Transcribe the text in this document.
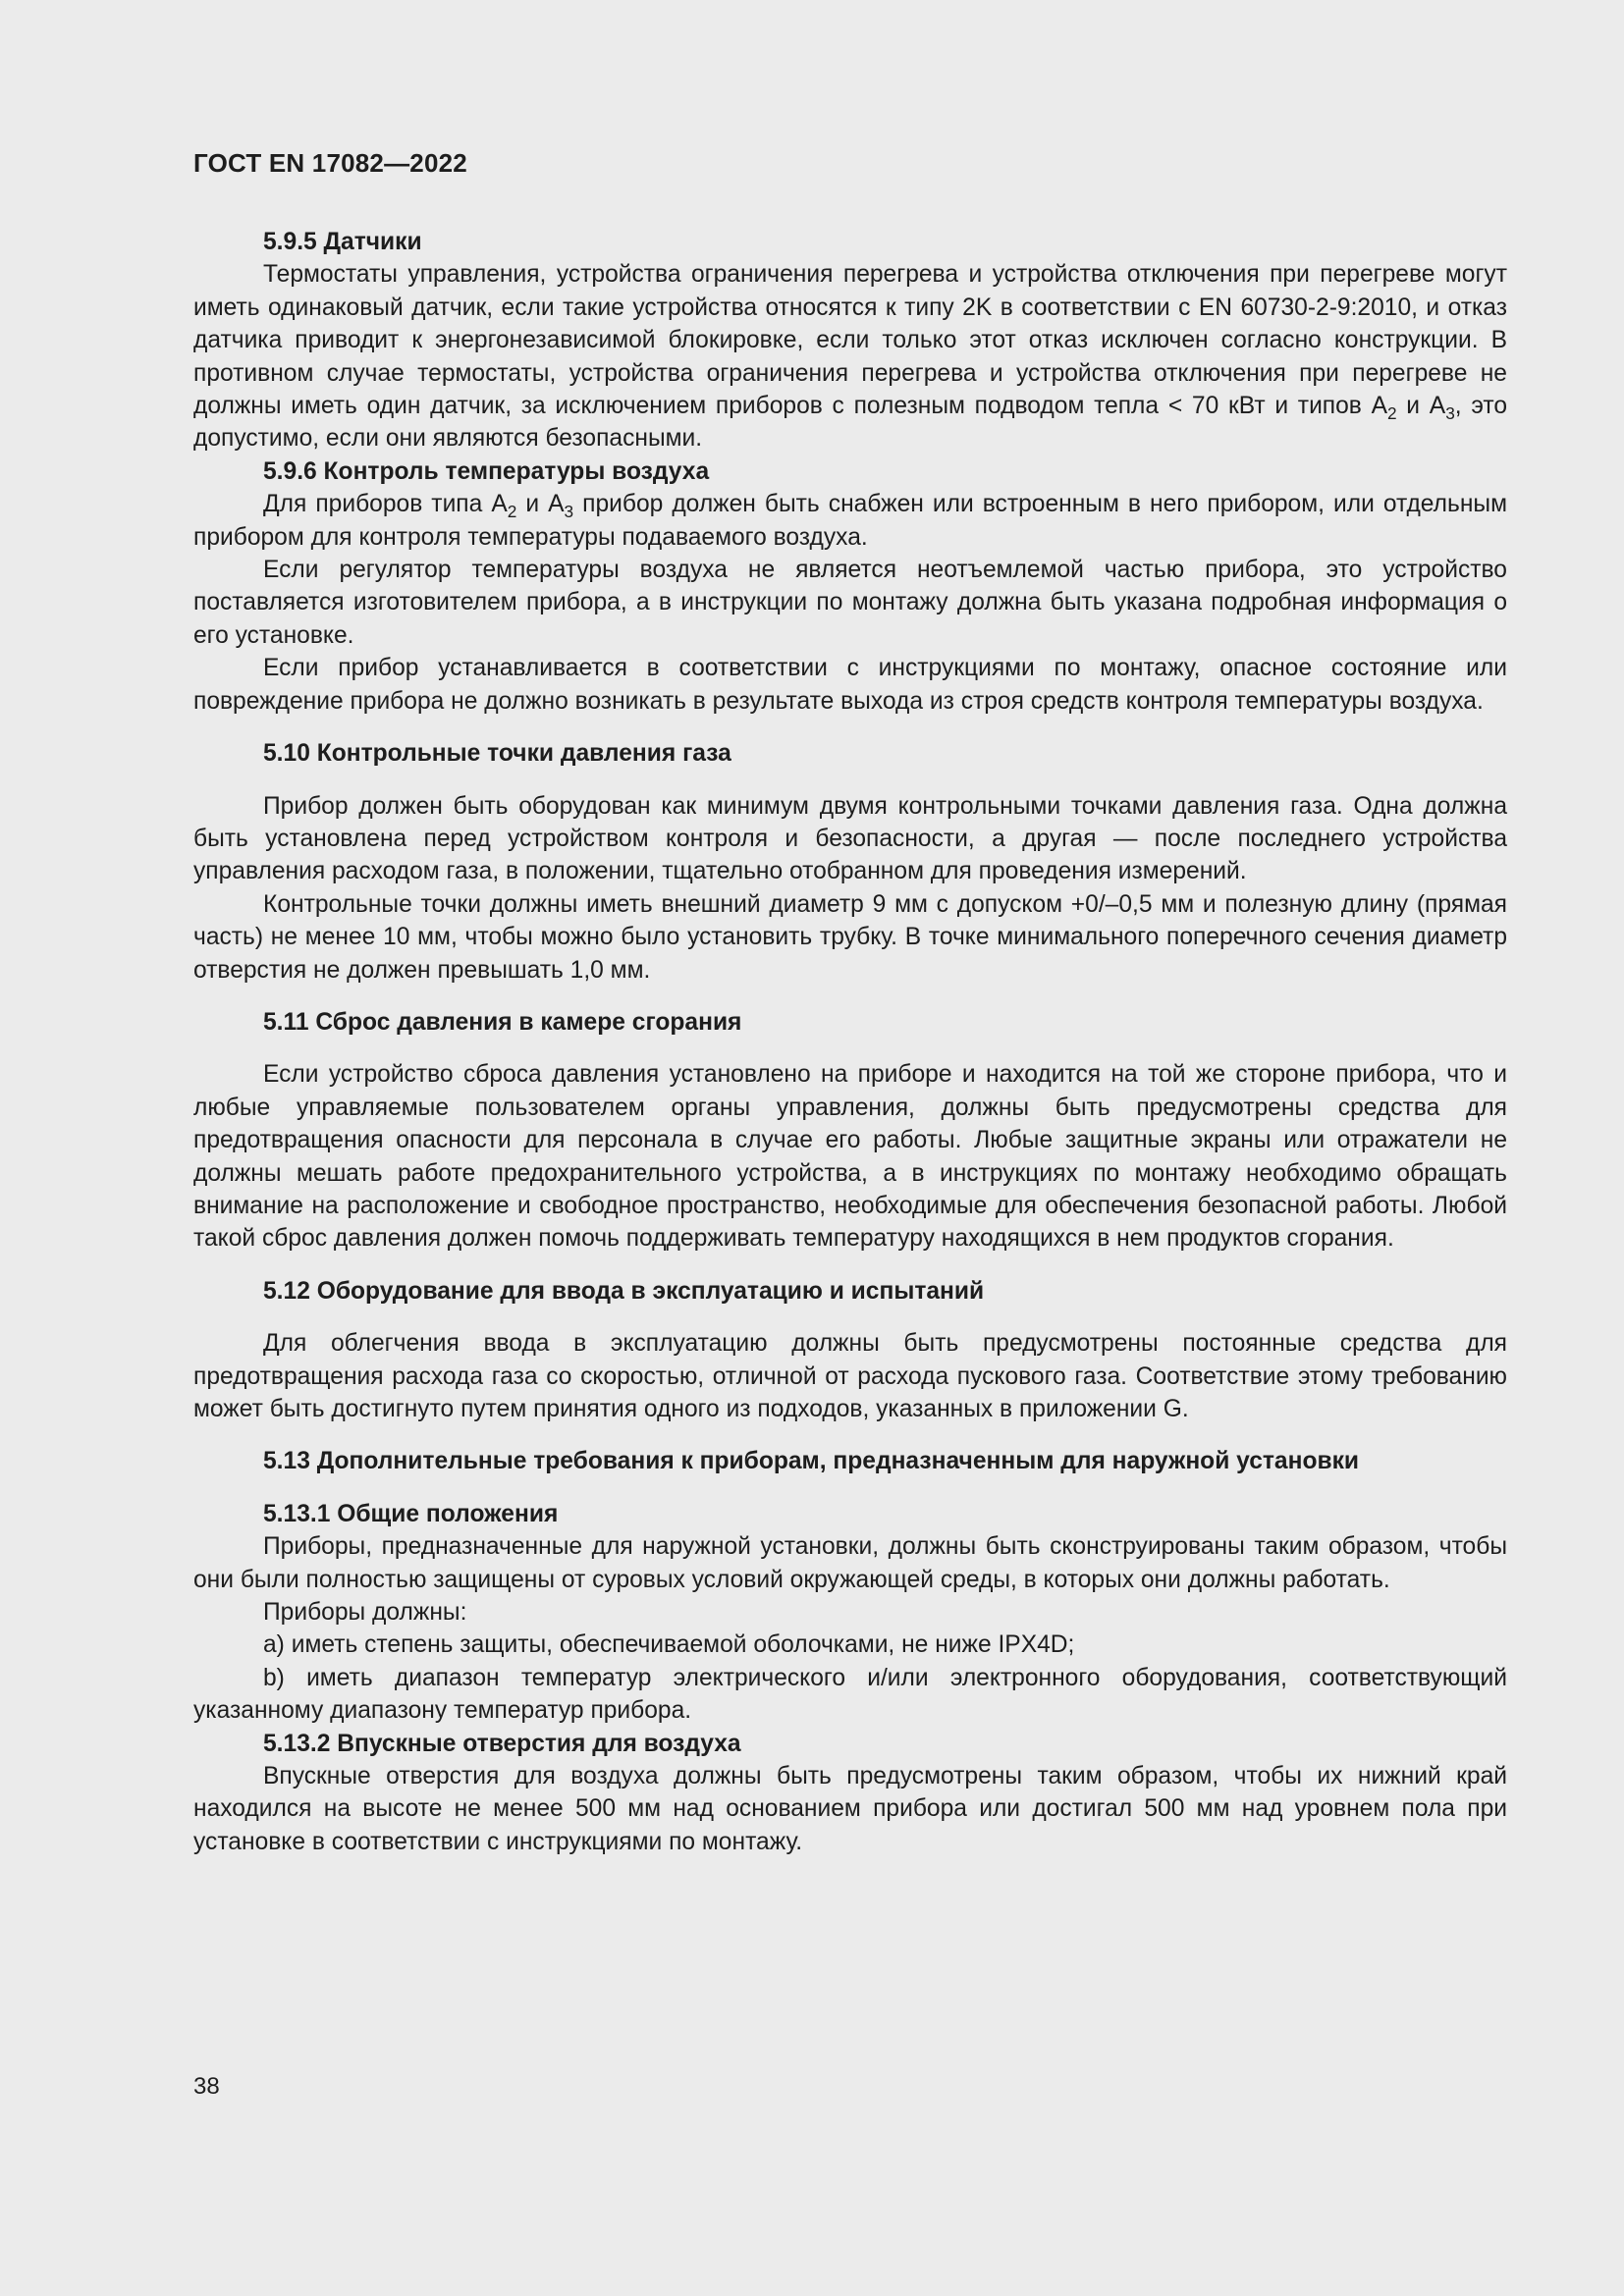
ГОСТ EN 17082—2022
5.9.5 Датчики

Термостаты управления, устройства ограничения перегрева и устройства отключения при перегреве могут иметь одинаковый датчик, если такие устройства относятся к типу 2K в соответствии с EN 60730-2-9:2010, и отказ датчика приводит к энергонезависимой блокировке, если только этот отказ исключен согласно конструкции. В противном случае термостаты, устройства ограничения перегрева и устройства отключения при перегреве не должны иметь один датчик, за исключением приборов с полезным подводом тепла < 70 кВт и типов $A_2$ и $A_3$, это допустимо, если они являются безопасными.

5.9.6 Контроль температуры воздуха

Для приборов типа $A_2$ и $A_3$ прибор должен быть снабжен или встроенным в него прибором, или отдельным прибором для контроля температуры подаваемого воздуха.

Если регулятор температуры воздуха не является неотъемлемой частью прибора, это устройство поставляется изготовителем прибора, а в инструкции по монтажу должна быть указана подробная информация о его установке.

Если прибор устанавливается в соответствии с инструкциями по монтажу, опасное состояние или повреждение прибора не должно возникать в результате выхода из строя средств контроля температуры воздуха.

5.10 Контрольные точки давления газа

Прибор должен быть оборудован как минимум двумя контрольными точками давления газа. Одна должна быть установлена перед устройством контроля и безопасности, а другая — после последнего устройства управления расходом газа, в положении, тщательно отобранном для проведения измерений.

Контрольные точки должны иметь внешний диаметр 9 мм с допуском +0/–0,5 мм и полезную длину (прямая часть) не менее 10 мм, чтобы можно было установить трубку. В точке минимального поперечного сечения диаметр отверстия не должен превышать 1,0 мм.

5.11 Сброс давления в камере сгорания

Если устройство сброса давления установлено на приборе и находится на той же стороне прибора, что и любые управляемые пользователем органы управления, должны быть предусмотрены средства для предотвращения опасности для персонала в случае его работы. Любые защитные экраны или отражатели не должны мешать работе предохранительного устройства, а в инструкциях по монтажу необходимо обращать внимание на расположение и свободное пространство, необходимые для обеспечения безопасной работы. Любой такой сброс давления должен помочь поддерживать температуру находящихся в нем продуктов сгорания.

5.12 Оборудование для ввода в эксплуатацию и испытаний

Для облегчения ввода в эксплуатацию должны быть предусмотрены постоянные средства для предотвращения расхода газа со скоростью, отличной от расхода пускового газа. Соответствие этому требованию может быть достигнуто путем принятия одного из подходов, указанных в приложении G.

5.13 Дополнительные требования к приборам, предназначенным для наружной установки
5.13.1 Общие положения

Приборы, предназначенные для наружной установки, должны быть сконструированы таким образом, чтобы они были полностью защищены от суровых условий окружающей среды, в которых они должны работать.

Приборы должны:

a) иметь степень защиты, обеспечиваемой оболочками, не ниже IPX4D;

b) иметь диапазон температур электрического и/или электронного оборудования, соответствующий указанному диапазону температур прибора.

5.13.2 Впускные отверстия для воздуха

Впускные отверстия для воздуха должны быть предусмотрены таким образом, чтобы их нижний край находился на высоте не менее 500 мм над основанием прибора или достигал 500 мм над уровнем пола при установке в соответствии с инструкциями по монтажу.

38
